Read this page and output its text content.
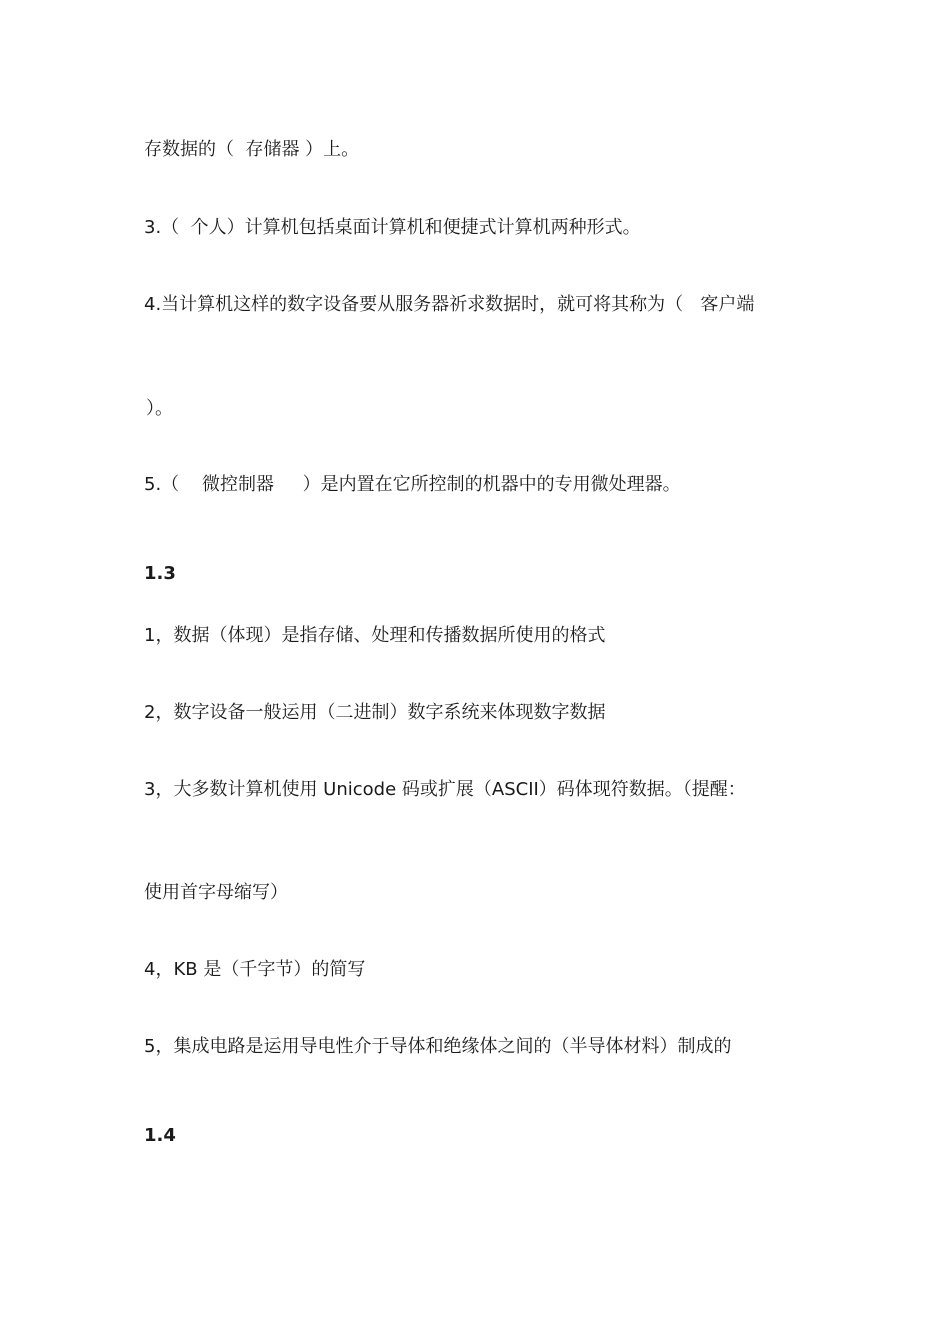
存数据的（  存储器 ）上。

3.（  个人）计算机包括桌面计算机和便捷式计算机两种形式。

4.当计算机这样的数字设备要从服务器祈求数据时，就可将其称为（   客户端

）。

5.（    微控制器     ）是内置在它所控制的机器中的专用微处理器。

1.3

1，数据（体现）是指存储、处理和传播数据所使用的格式

2，数字设备一般运用（二进制）数字系统来体现数字数据

3，大多数计算机使用 Unicode 码或扩展（ASCII）码体现符数据。（提醒：

使用首字母缩写）

4，KB 是（千字节）的简写

5，集成电路是运用导电性介于导体和绝缘体之间的（半导体材料）制成的

1.4
